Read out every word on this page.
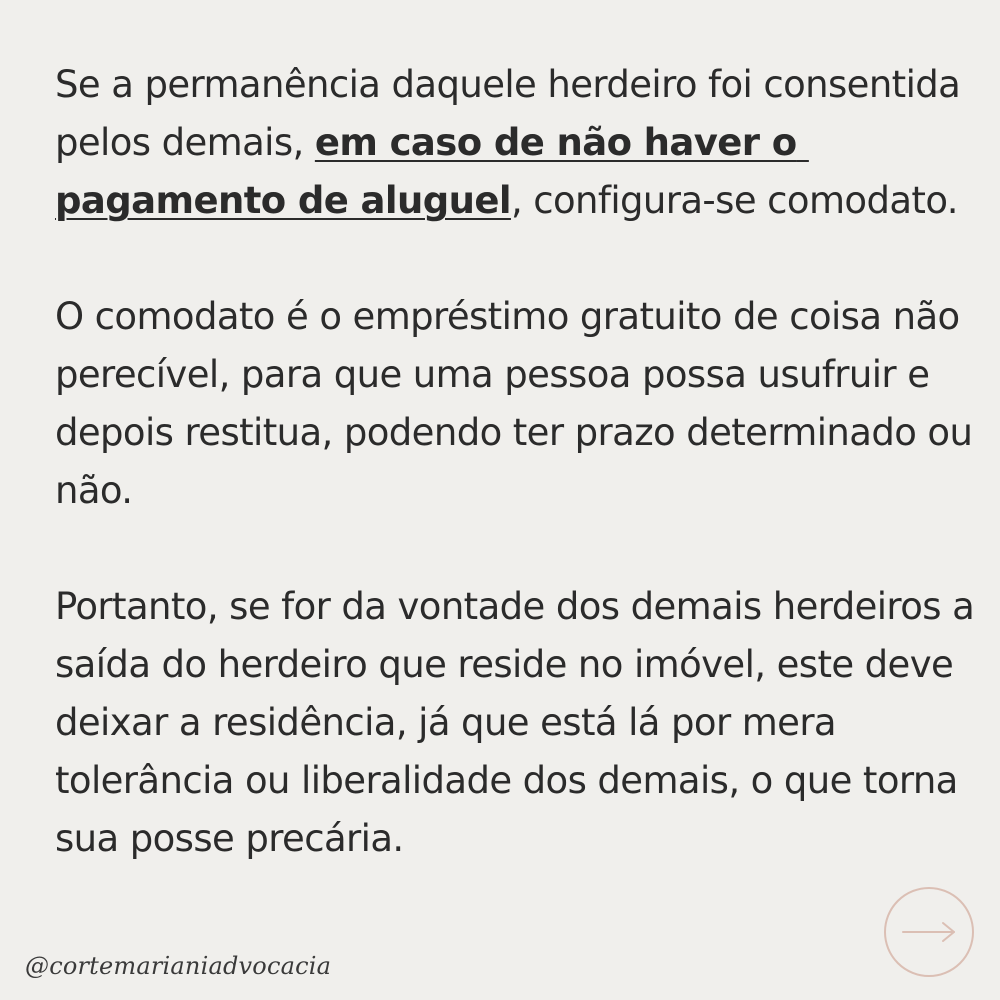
Se a permanência daquele herdeiro foi consentida pelos demais, em caso de não haver o pagamento de aluguel, configura-se comodato.

O comodato é o empréstimo gratuito de coisa não perecível, para que uma pessoa possa usufruir e depois restitua, podendo ter prazo determinado ou não.

Portanto, se for da vontade dos demais herdeiros a saída do herdeiro que reside no imóvel, este deve  deixar a residência, já que está lá por mera tolerância ou liberalidade dos demais, o que torna sua posse precária.

@cortemarianiadvocacia
